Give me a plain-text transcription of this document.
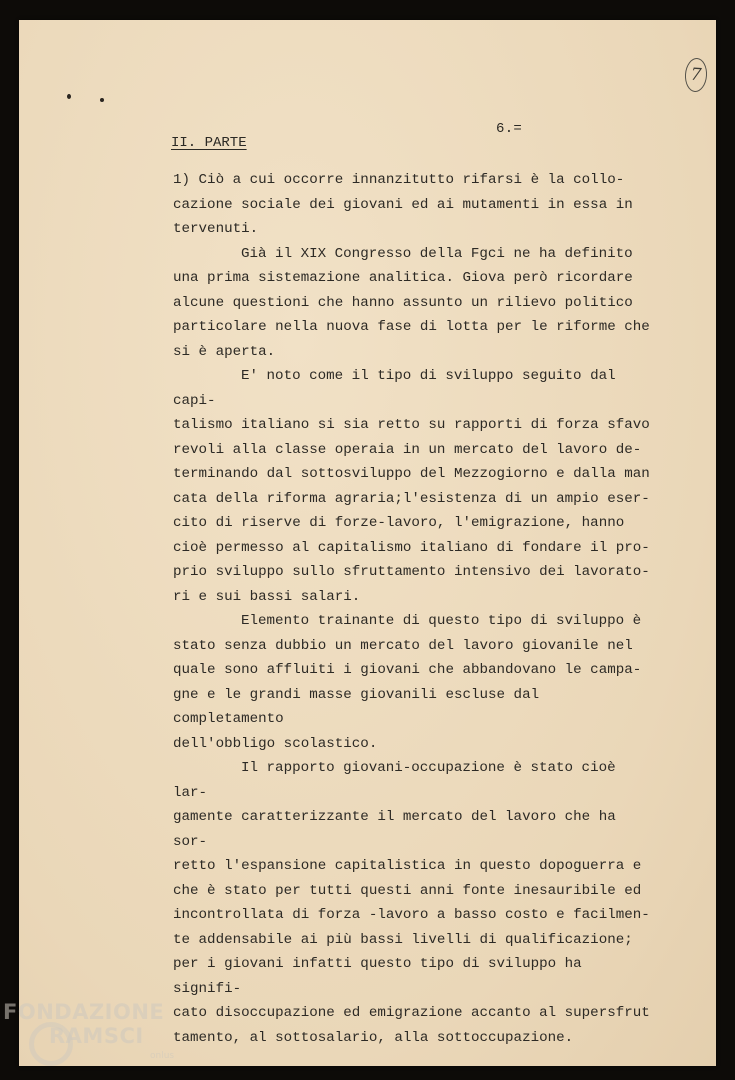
7
6.=
II. PARTE
1) Ciò a cui occorre innanzitutto rifarsi è la collo-
cazione sociale dei giovani ed ai mutamenti in essa in
tervenuti.
Già il XIX Congresso della Fgci ne ha definito
una prima sistemazione analitica. Giova però ricordare
alcune questioni che hanno assunto un rilievo politico
particolare nella nuova fase di lotta per le riforme che
si è aperta.
E' noto come il tipo di sviluppo seguito dal capi-
talismo italiano si sia retto su rapporti di forza sfavo
revoli alla classe operaia in un mercato del lavoro de-
terminando dal sottosviluppo del Mezzogiorno e dalla man
cata della riforma agraria;l'esistenza di un ampio eser-
cito di riserve di forze-lavoro, l'emigrazione, hanno
cioè permesso al capitalismo italiano di fondare il pro-
prio sviluppo sullo sfruttamento intensivo dei lavorato-
ri e sui bassi salari.
Elemento trainante di questo tipo di sviluppo è
stato senza dubbio un mercato del lavoro giovanile nel
quale sono affluiti i giovani che abbandovano le campa-
gne e le grandi masse giovanili escluse dal completamento
dell'obbligo scolastico.
Il rapporto giovani-occupazione è stato cioè lar-
gamente caratterizzante il mercato del lavoro che ha sor-
retto l'espansione capitalistica in questo dopoguerra e
che è stato per tutti questi anni fonte inesauribile ed
incontrollata di forza -lavoro a basso costo e facilmen-
te addensabile ai più bassi livelli di qualificazione;
per i giovani infatti questo tipo di sviluppo ha signifi-
cato disoccupazione ed emigrazione accanto al supersfrut
tamento, al sottosalario, alla sottoccupazione.
FONDAZIONE
RAMSCI
onlus
